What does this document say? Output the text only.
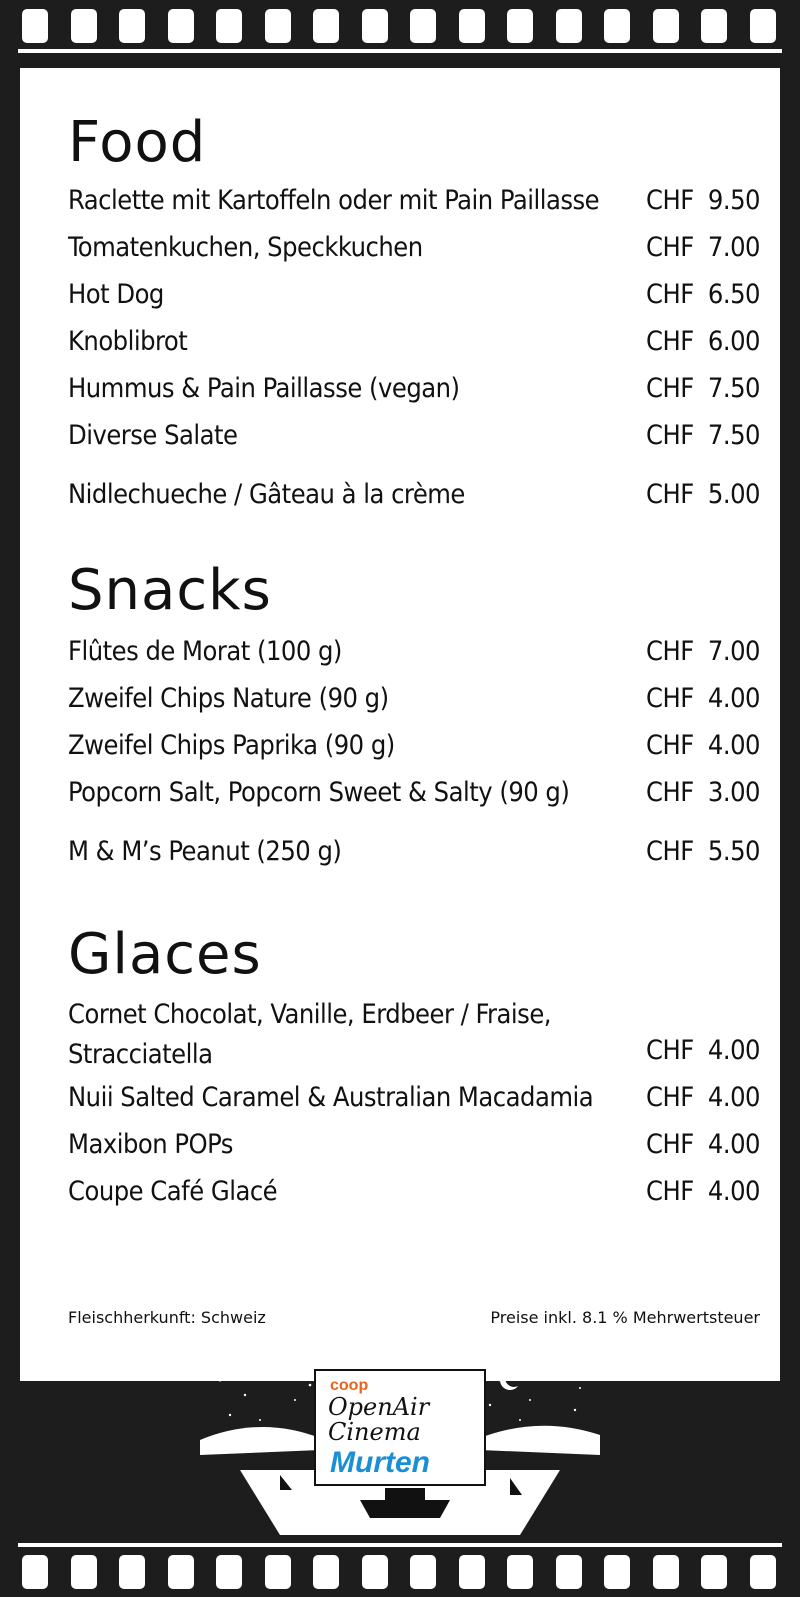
Food
Raclette mit Kartoffeln oder mit Pain Paillasse CHF 9.50
Tomatenkuchen, Speckkuchen	CHF 7.00
Hot Dog	CHF 6.50
Knoblibrot	CHF 6.00
Hummus & Pain Paillasse (vegan)	CHF 7.50
Diverse Salate	CHF 7.50
Nidlechueche / Gâteau à la crème	CHF 5.00
Snacks
Flûtes de Morat (100 g)	CHF 7.00
Zweifel Chips Nature (90 g)	CHF 4.00
Zweifel Chips Paprika (90 g)	CHF 4.00
Popcorn Salt, Popcorn Sweet & Salty (90 g)	CHF 3.00
M & M’s Peanut (250 g)	CHF 5.50
Glaces
Cornet Chocolat, Vanille, Erdbeer / Fraise, Stracciatella	CHF 4.00
Nuii Salted Caramel & Australian Macadamia CHF 4.00
Maxibon POPs	CHF 4.00
Coupe Café Glacé	CHF 4.00
Fleischherkunft: Schweiz	Preise inkl. 8.1 % Mehrwertsteuer
coop
OpenAir
Cinema
Murten
